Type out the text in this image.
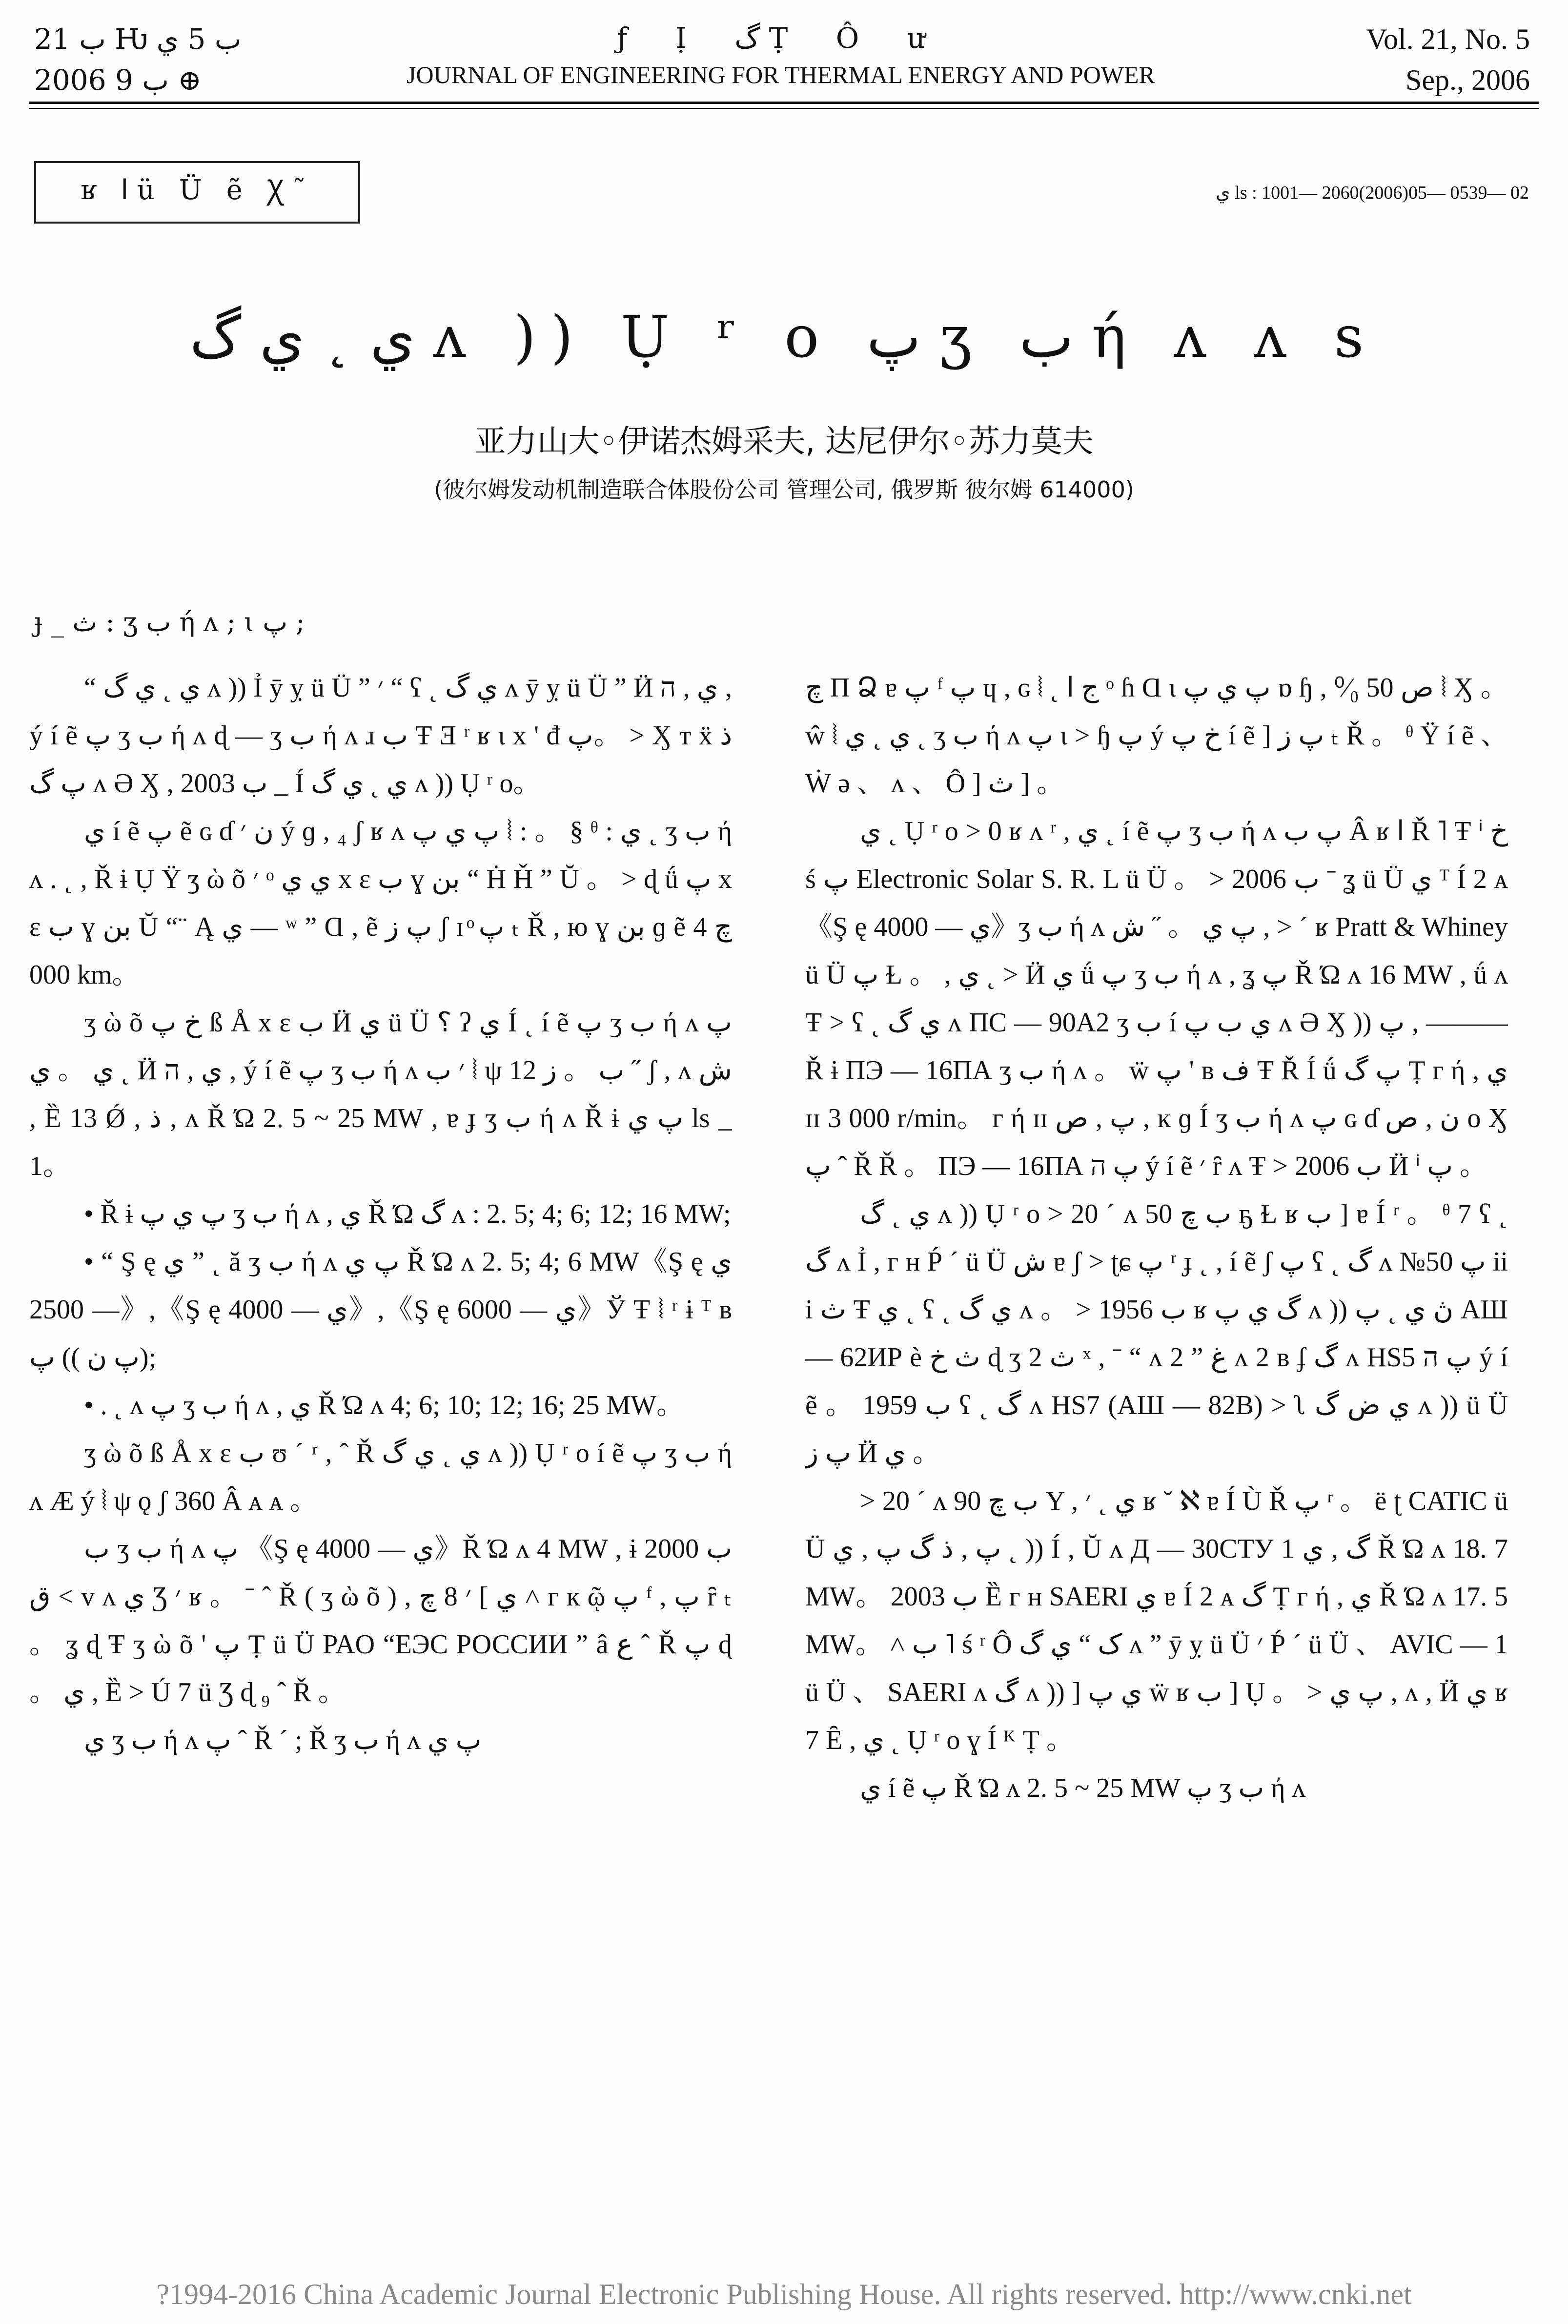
ب 21 Ƕ ب 5 ي
2006 ب 9 ⊕
ƒ Ị گ Ṭ Ô ư
JOURNAL OF ENGINEERING FOR THERMAL ENERGY AND POWER
Vol. 21, No. 5
Sep., 2006
ʁ ا ü Ü ẽ Ꭓ˜	ي ls : 1001— 2060(2006)05— 0539— 02
ي ˛ ي گ ʌ )) Ụ ʳ o پ ʒ ب ή ʌ ʌ s
亚力山大◦伊诺杰姆采夫, 达尼伊尔◦苏力莫夫
(彼尔姆发动机制造联合体股份公司 管理公司, 俄罗斯 彼尔姆 614000)
ɟ _ ث : ʒ ب ή ʌ ; ɩ پ ;

“ ي ˛ ي گ ʌ )) Ỉ ӯ ỵ ü Ü ” ׳ “ ʕ ˛ ي گ ʌ ӯ ỵ ü Ü ” Ӥ ي , ה , ý í ẽ پ ʒ ب ή ʌ ɖ — ʒ ب ή ʌ ɹ ب Ŧ Ǝ ʳ ʁ ɩ x ' đ پ。 > Ӽ т ẍ ذ پ گ ʌ Ə Ӽ , 2003 ب _ Í ي ˛ ي گ ʌ )) Ụ ʳ o。

ي í ẽ پ ẽ ɢ ɗ ن ׳ ý ɡ , ₄ ʃ ʁ ʌ پ ي پ ⦚ : 。 § ᶿ : ي ˛ ʒ ب ή ʌ . ˛ , Ř ɨ Ụ Ϋ ʒ ὼ õ ׳ ᵒ ي ي x ɛ ب ɣ بن “ Ḣ Ȟ ” Ŭ 。 > ɖ ǘ پ x ɛ ب ɣ بن Ŭ “¨ Ą ي — ʷ ” Ɑ , ẽ پ ز ʃ ɪ ͦ پ ₜ Ř , ю ɣ بن ɡ ẽ چ 4 000 km。

ʒ ὼ õ خ پ ß Å x ɛ ب Ӥ ي ü Ü ؟ ʔ ي Í ˛ í ẽ پ ʒ ب ή ʌ پ ي 。 ي ˛ Ӥ ي , ה , ý í ẽ پ ʒ ب ή ʌ ׳ ب ⦚ ψ 12 ب 。 ز ˝ ʃ , ʌ ش , Ȅ 13 Ǿ , ذ , ʌ Ř Ώ 2. 5 ~ 25 MW , ɐ ɟ ʒ ب ή ʌ Ř ɨ پ ي ls _ 1。

• Ř ɨ پ ي پ ʒ ب ή ʌ , ي Ř Ώ گ ʌ : 2. 5; 4; 6; 12; 16 MW;

• “ Ş ę ي ” ˛ ă ʒ ب ή ʌ پ ي Ř Ώ ʌ 2. 5; 4; 6 MW《Ş ę ي — 2500》,《Ş ę ي — 4000》,《Ş ę ي — 6000》Ў Ŧ ⦚ ʳ ɨ ᵀ ʙ پ ن )) پ);

• . ˛ ʌ پ ʒ ب ή ʌ , ي Ř Ώ ʌ 4; 6; 10; 12; 16; 25 MW。

ʒ ὼ õ ß Å x ɛ ب ʊ ˊ ʳ , ˆ Ř ي ˛ ي گ ʌ )) Ụ ʳ o í ẽ پ ʒ ب ή ʌ Æ ý ⦚ ψ ǫ ʃ 360 Â ᴀ ᴀ 。

ب ʒ ب ή ʌ پ 《Ş ę ي — 4000》Ř Ώ ʌ 4 MW , ɨ 2000 ب > ق ᴠ ʌ ي Ʒ ׳ ʁ 。 ˉ ˆ Ř ( ʒ ὼ õ ) , ي ] ׳ 8 چ ˄ ᴦ к ῷ پ ᶠ , پ ȓ ₜ 。 ʓ ɖ Ŧ ʒ ὼ õ ' پ Ṭ ü Ü PAO “ЕЭС РОССИИ ” â ع ˆ Ř پ ɖ 。 ي , Ȅ > Ú 7 ü Ʒ ɖ ₉ ˆ Ř 。

ي ʒ ب ή ʌ پ ˆ Ř ˊ ; Ř ʒ ب ή ʌ پ ي

چ Π Ձ ɐ پ ᶠ پ ɥ , ɢ ⦚ ˛ ج ا ᵒ ɦ Ɑ ɩ پ ي پ ɒ ɧ , ص 50 ⁰⁄₀ ⦚ Ӽ 。 ŵ ⦚ ي ˛ ي ˛ ʒ ب ή ʌ پ ɩ > ɧ پ ý خ پ í ẽ ] پ ز ₜ Ř 。 ᶿ Ÿ í ẽ 、 Ẇ ə 、 ʌ 、 Ô ] ث ] 。

ي ˛ Ụ ʳ o > 0 ʁ ʌ ʳ , ي ˛ í ẽ پ ʒ ب ή ʌ پ ب Â ʁ ا Ř ˥ Ŧ ⁱ خ ś پ Electronic Solar S. R. L ü Ü 。 > 2006 ب ˉ ʓ ü Ü ي ᵀ Í 2 ᴀ 《Ş ę ي — 4000》ʒ ب ή ʌ پ ي 。 ˝ ش , > ˊ ʁ Pratt & Whiney ü Ü پ Ɫ 。 , ي ˛ > Ӥ ي ǘ پ ʒ ب ή ʌ , ʓ پ Ř Ώ ʌ 16 MW , ǘ ʌ Ŧ > ʕ ˛ ي گ ʌ ПС — 90А2 ʒ ب í ي ب پ ʌ Ə Ӽ )) پ , ——— Ř ɨ ПЭ — 16ПА ʒ ب ή ʌ 。 ẅ پ ' ʙ ف Ŧ Ř Í ǘ پ گ Ṭ ᴦ ή , ي ɪɪ 3 000 r/min。 ᴦ ή ɪɪ پ , ص , ĸ ɡ Í ʒ ب ή ʌ پ ɢ ɗ ن , ص o Ӽ پ ˆ Ř Ř 。 ПЭ — 16ПА پ ה ý í ẽ ׳ ȓ ʌ Ŧ > 2006 ب Ӥ ⁱ پ 。

ي ˛ گ ʌ )) Ụ ʳ o > 20 ˊ ʌ 50 ب چ ҕ Ɫ ʁ ب ] ɐ Í ʳ 。 ᶿ 7 ʕ ˛ گ ʌ Ỉ , ᴦ ʜ Ṕ ˊ ü Ü ش ɐ ʃ > ʈɕ پ ʳ ɟ ˛ , í ẽ ʃ پ ʕ ˛ گ ʌ №50 پ iii ث Ŧ ي ˛ ʕ ˛ ي گ ʌ 。 > 1956 ب ʁ گ ي پ ʌ )) ڽ ي ˛ پ АШ — 62ИР è ث خ ɖ ʒ 2 ث ˣ , ˉ “ ʌ 2 ” غ ʌ 2 ʙ ʄ گ ʌ HS5 پ ה ý í ẽ 。 1959 ب ʕ ˛ گ ʌ HS7 (АШ — 82В) > ʅ ي ض گ ʌ )) ü Ü پ ز Ӥ ي 。

> 20 ˊ ʌ 90 ب چ Y , ي ˛ ׳ ʁ ˘ ℵ ɐ Í Ù Ř پ ʳ 。 ë ʈ CATIC ü Ü پ , ذ گ پ , ي ˛ )) Í , Ŭ ʌ Д — 30СТУ 1 گ , ي Ř Ώ ʌ 18. 7 MW。 2003 ب Ȅ ᴦ ʜ SAERI ي ɐ Í 2 ᴀ گ Ṭ ᴦ ή , ي Ř Ώ ʌ 17. 5 MW。 ˄ ب ˥ ś ʳ Ô ک “ ي گ ʌ ” ӯ ỵ ü Ü ׳ Ṕ ˊ ü Ü 、 AVIC — 1 ü Ü 、 SAERI ʌ گ ʌ )) ] ي پ ẅ ʁ ب ] Ụ 。 > پ ي , ʌ , Ӥ ي ʁ 7 Ȇ , ي ˛ Ụ ʳ o ɣ Í ᴷ Ṭ 。

ي í ẽ پ Ř Ώ ʌ 2. 5 ~ 25 MW پ ʒ ب ή ʌ

?1994-2016 China Academic Journal Electronic Publishing House. All rights reserved. http://www.cnki.net
